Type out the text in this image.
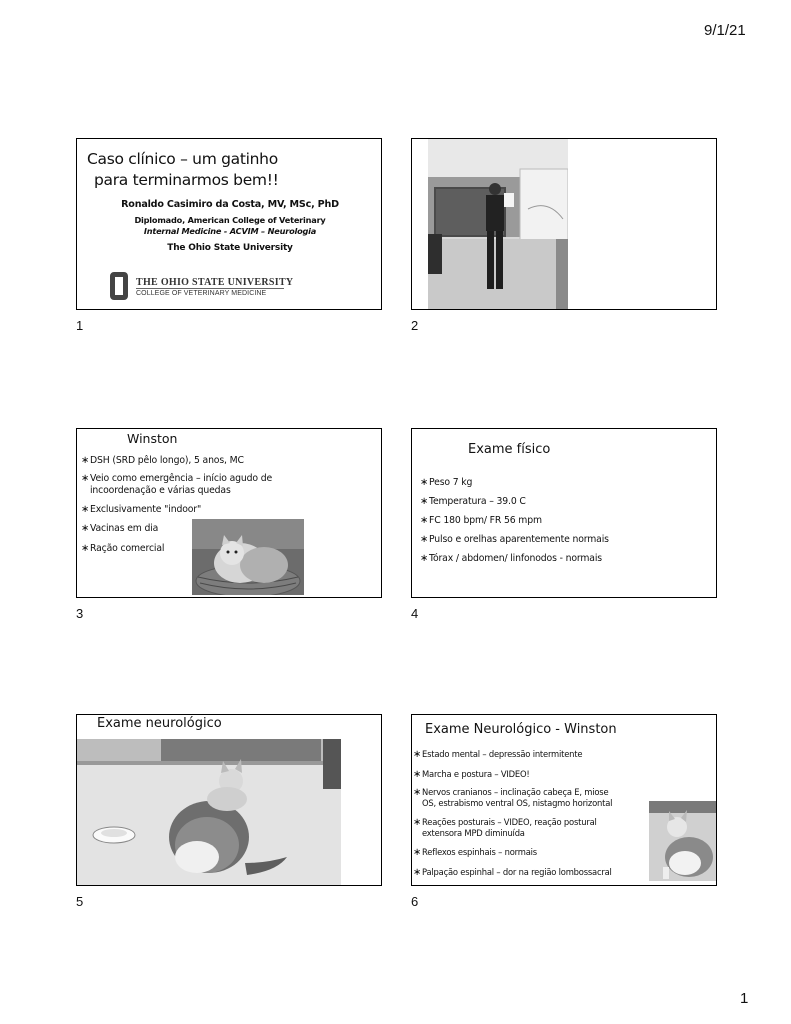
9/1/21
Caso clínico – um gatinho
para terminarmos bem!!
Ronaldo Casimiro da Costa, MV, MSc, PhD
Diplomado, American College of Veterinary
Internal Medicine - ACVIM – Neurologia
The Ohio State University
THE OHIO STATE UNIVERSITY
COLLEGE OF VETERINARY MEDICINE
1	2
Winston
∗DSH (SRD pêlo longo), 5 anos, MC
∗Veio como emergência – início agudo de
incoordenação e várias quedas
∗Exclusivamente "indoor"
∗Vacinas em dia
∗Ração comercial
3
Exame físico
∗Peso 7 kg
∗Temperatura – 39.0 C
∗FC 180 bpm/ FR 56 mpm
∗Pulso e orelhas aparentemente normais
∗Tórax / abdomen/ linfonodos - normais
4
Exame neurológico
5
Exame Neurológico - Winston
∗Estado mental – depressão intermitente
∗Marcha e postura – VIDEO!
∗Nervos cranianos – inclinação cabeça E, miose
OS, estrabismo ventral OS, nistagmo horizontal
∗Reações posturais – VIDEO, reação postural
extensora MPD diminuída
∗Reflexos espinhais – normais
∗Palpação espinhal – dor na região lombossacral
6
1
